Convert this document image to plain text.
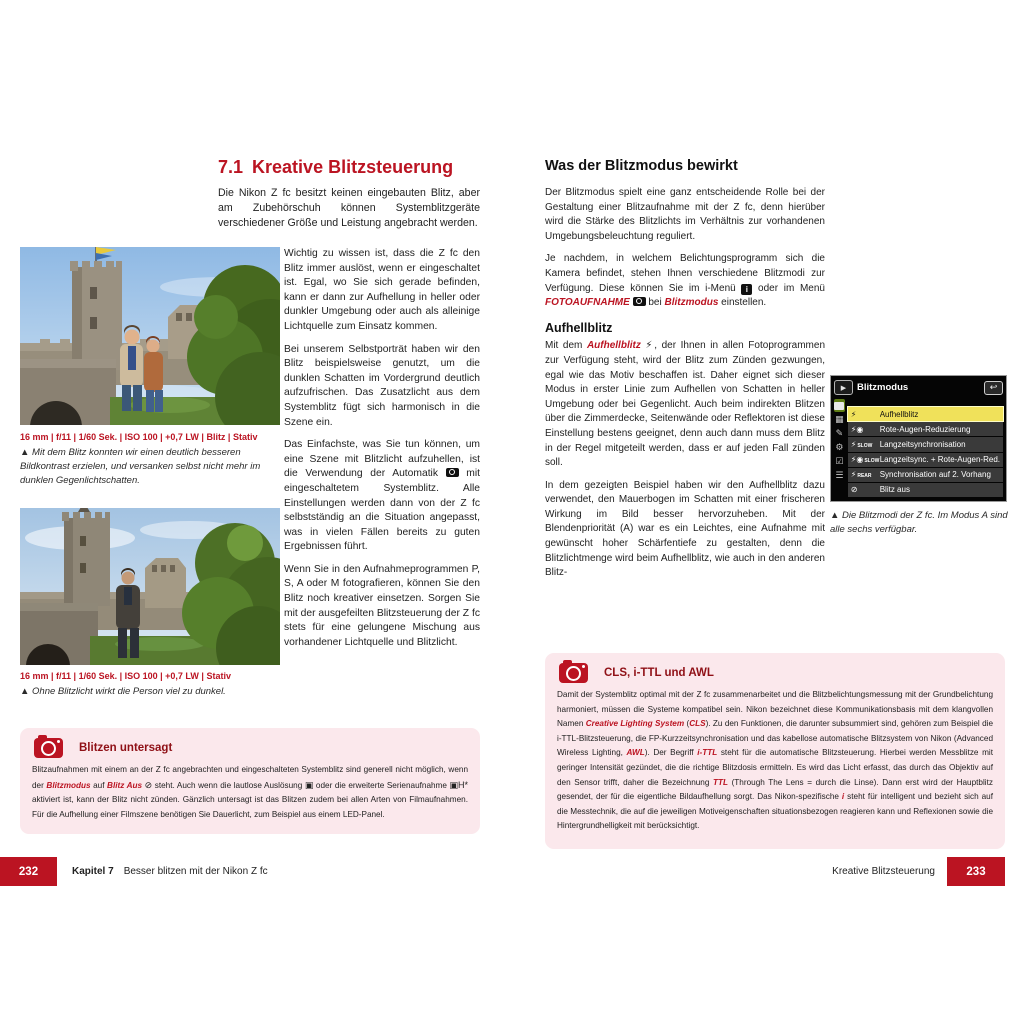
7.1 Kreative Blitzsteuerung
Die Nikon Z fc besitzt keinen eingebauten Blitz, aber am Zubehörschuh können Systemblitzgeräte verschiedener Größe und Leistung angebracht werden.
16 mm | f/11 | 1/60 Sek. | ISO 100 | +0,7 LW | Blitz | Stativ
▲ Mit dem Blitz konnten wir einen deutlich besseren Bildkontrast erzielen, und versanken selbst nicht mehr im dunklen Gegenlichtschatten.
16 mm | f/11 | 1/60 Sek. | ISO 100 | +0,7 LW | Stativ
▲ Ohne Blitzlicht wirkt die Person viel zu dunkel.

Wichtig zu wissen ist, dass die Z fc den Blitz immer auslöst, wenn er eingeschaltet ist. Egal, wo Sie sich gerade befinden, kann er dann zur Aufhellung in heller oder dunkler Umgebung oder auch als alleinige Lichtquelle zum Einsatz kommen.

Bei unserem Selbstporträt haben wir den Blitz beispielsweise genutzt, um die dunklen Schatten im Vordergrund deutlich aufzufrischen. Das Zusatzlicht aus dem Systemblitz fügt sich harmonisch in die Szene ein.

Das Einfachste, was Sie tun können, um eine Szene mit Blitzlicht aufzuhellen, ist die Verwendung der Automatik  mit eingeschaltetem Systemblitz. Alle Einstellungen werden dann von der Z fc selbstständig an die Situation angepasst, was in vielen Fällen bereits zu guten Ergebnissen führt.

Wenn Sie in den Aufnahmeprogrammen P, S, A oder M fotografieren, können Sie den Blitz noch kreativer einsetzen. Sorgen Sie mit der ausgefeilten Blitzsteuerung der Z fc stets für eine gelungene Mischung aus vorhandener Lichtquelle und Blitzlicht.

Blitzen untersagt
Blitzaufnahmen mit einem an der Z fc angebrachten und eingeschalteten Systemblitz sind generell nicht möglich, wenn der Blitzmodus auf Blitz Aus ⊘ steht. Auch wenn die lautlose Auslösung ▣ oder die erweiterte Serienaufnahme ▣H* aktiviert ist, kann der Blitz nicht zünden. Gänzlich untersagt ist das Blitzen zudem bei allen Arten von Filmaufnahmen. Für die Aufhellung einer Filmszene benötigen Sie Dauerlicht, zum Beispiel aus einem LED-Panel.
232	Kapitel 7 Besser blitzen mit der Nikon Z fc
Was der Blitzmodus bewirkt

Der Blitzmodus spielt eine ganz entscheidende Rolle bei der Gestaltung einer Blitzaufnahme mit der Z fc, denn hierüber wird die Stärke des Blitzlichts im Verhältnis zur vorhandenen Umgebungsbeleuchtung reguliert.

Je nachdem, in welchem Belichtungsprogramm sich die Kamera befindet, stehen Ihnen verschiedene Blitzmodi zur Verfügung. Diese können Sie im i-Menü i oder im Menü FOTOAUFNAHME  bei Blitzmodus einstellen.

Aufhellblitz

Mit dem Aufhellblitz ⚡, der Ihnen in allen Fotoprogrammen zur Verfügung steht, wird der Blitz zum Zünden gezwungen, egal wie das Motiv beschaffen ist. Daher eignet sich dieser Modus in erster Linie zum Aufhellen von Schatten in heller Umgebung oder bei Gegenlicht. Auch beim indirekten Blitzen über die Zimmerdecke, Seitenwände oder Reflektoren ist diese Einstellung bestens geeignet, denn auch dann muss dem Blitz in der Regel mitgeteilt werden, dass er auf jeden Fall zünden soll.

In dem gezeigten Beispiel haben wir den Aufhellblitz dazu verwendet, den Mauerbogen im Schatten mit einer frischeren Wirkung im Bild besser hervorzuheben. Mit der Blendenpriorität (A) war es ein Leichtes, eine Aufnahme mit gewünscht hoher Schärfentiefe zu gestalten, denn die Blitzlichtmenge wird beim Aufhellblitz, wie auch in den anderen Blitz-

▶	Blitzmodus	↩
▦
✎
⚙
☑
☰
⚡	Aufhellblitz
⚡◉ Rote-Augen-Reduzierung
⚡ SLOW Langzeitsynchronisation
⚡◉ SLOW Langzeitsync. + Rote-Augen-Red.
⚡ REAR Synchronisation auf 2. Vorhang
⊘	Blitz aus
▲ Die Blitzmodi der Z fc. Im Modus A sind alle sechs verfügbar.
CLS, i-TTL und AWL
Damit der Systemblitz optimal mit der Z fc zusammenarbeitet und die Blitzbelichtungsmessung mit der Grundbelichtung harmoniert, müssen die Systeme kompatibel sein. Nikon bezeichnet diese Kommunikationsbasis mit dem klangvollen Namen Creative Lighting System (CLS). Zu den Funktionen, die darunter subsummiert sind, gehören zum Beispiel die i-TTL-Blitzsteuerung, die FP-Kurzzeitsynchronisation und das kabellose automatische Blitzsystem von Nikon (Advanced Wireless Lighting, AWL). Der Begriff i-TTL steht für die automatische Blitzsteuerung. Hierbei werden Messblitze mit geringer Intensität gezündet, die die richtige Blitzdosis ermitteln. Es wird das Licht erfasst, das durch das Objektiv auf den Sensor trifft, daher die Bezeichnung TTL (Through The Lens = durch die Linse). Dann erst wird der Hauptblitz gesendet, der für die eigentliche Bildaufhellung sorgt. Das Nikon-spezifische i steht für intelligent und bezieht sich auf die Messtechnik, die auf die jeweiligen Motiveigenschaften situationsbezogen reagieren kann und Reflexionen sowie die Hintergrundhelligkeit mit berücksichtigt.
Kreative Blitzsteuerung	233
